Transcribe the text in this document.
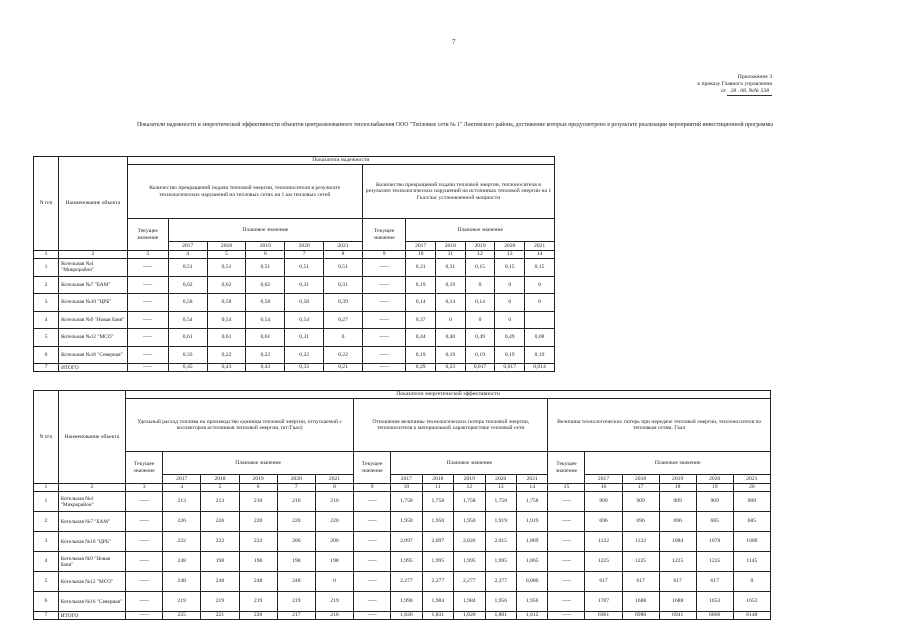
7
Приложение 3
к приказу Главного управления
от 28 . 08. №№ 538
Показатели надежности и энергетической эффективности объектов централизованного теплоснабжения ООО "Тепловые сети № 1" Локтевского района, достижение которых предусмотрено в результате реализации мероприятий инвестиционной программы
N п/п	Наименование объекта	Показатели надежности											
		Количество прекращений подачи тепловой энергии, теплоносителя в результате технологических нарушений на тепловых сетях на 1 км тепловых сетей						Количество прекращений подачи тепловой энергии, теплоносителя в результате технологических нарушений на источниках тепловой энергии на 1 Гкал/час установленной мощности					
		Текущее значение	Плановое значение					Текущее значение	Плановое значение				
			2017	2018	2019	2020	2021		2017	2018	2019	2020	2021
1	2	3	4	5	6	7	8	9	10	11	12	13	14
1	Котельная №4 "Микрорайон"	-----	0,51	0,51	0,51	0,51	0,51	-----	0,31	0,31	0,15	0,15	0,15
2	Котельная №7 "БАМ"	-----	0,62	0,62	0,62	0,31	0,31	-----	0,19	0,19	0	0	0
3	Котельная №10 "ЦРБ"	-----	0,58	0,58	0,58	0,58	0,39	-----	0,14	0,14	0,14	0	0
4	Котельная №9 "Новая баня"	-----	0,54	0,54	0,54	0,54	0,27	-----	0,37	0	0	0	
5	Котельная №12 "МСО"	-----	0,61	0,61	0,61	0,31	0	-----	0,44	0,40	0,49	0,49	0,08
6	Котельная №16 "Северная"	-----	0,33	0,22	0,22	0,22	0,22	-----	0,19	0,19	0,19	0,19	0,19
7	ИТОГО	-----	0,45	0,43	0,43	0,33	0,21	-----	0,29	0,23	0,017	0,017	0,014
N п/п	Наименование объекта	Показатели энергетической эффективности																	
		Удельный расход топлива на производство единицы тепловой энергии, отпускаемой с коллекторов источников тепловой энергии, (кг/Гкал)						Отношение величины технологических потерь тепловой энергии, теплоносителя к материальной характеристике тепловой сети						Величина технологических потерь при передаче тепловой энергии, теплоносителя по тепловым сетям, Гкал					
		Текущее значение	Плановое значение					Текущее значение	Плановое значение					Текущее значение	Плановое значение				
			2017	2018	2019	2020	2021		2017	2018	2019	2020	2021		2017	2018	2019	2020	2021
1	2	3	4	5	6	7	8	9	10	11	12	13	14	15	16	17	18	19	20
1	Котельная №4 "Микрорайон"	-----	213	213	210	210	210	-----	1,758	1,758	1,758	1,758	1,758	-----	909	909	909	909	909
2	Котельная №7 "БАМ"	-----	226	226	220	220	220	-----	1,950	1,950	1,950	1,919	1,919	-----	696	696	696	685	685
3	Котельная №10 "ЦРБ"	-----	222	222	222	206	200	-----	2,097	2,097	2,026	2,015	1,869	-----	1122	1122	1084	1078	1000
4	Котельная №9 "Новая баня"	-----	238	198	198	198	198	-----	1,995	1,995	1,995	1,995	1,865	-----	1225	1225	1225	1225	1145
5	Котельная №12 "МСО"	-----	248	248	248	248	0	-----	2,277	2,277	2,277	2,277	0,000	-----	617	617	617	617	0
6	Котельная №16 "Северная"	-----	219	219	219	219	219	-----	1,990	1,984	1,984	1,956	1,956	-----	1707	1688	1688	1653	1653
7	ИТОГО	-----	225	221	220	217	216	-----	1,826	1,831	1,820	1,801	1,612	-----	6961	6980	6941	6866	6148
